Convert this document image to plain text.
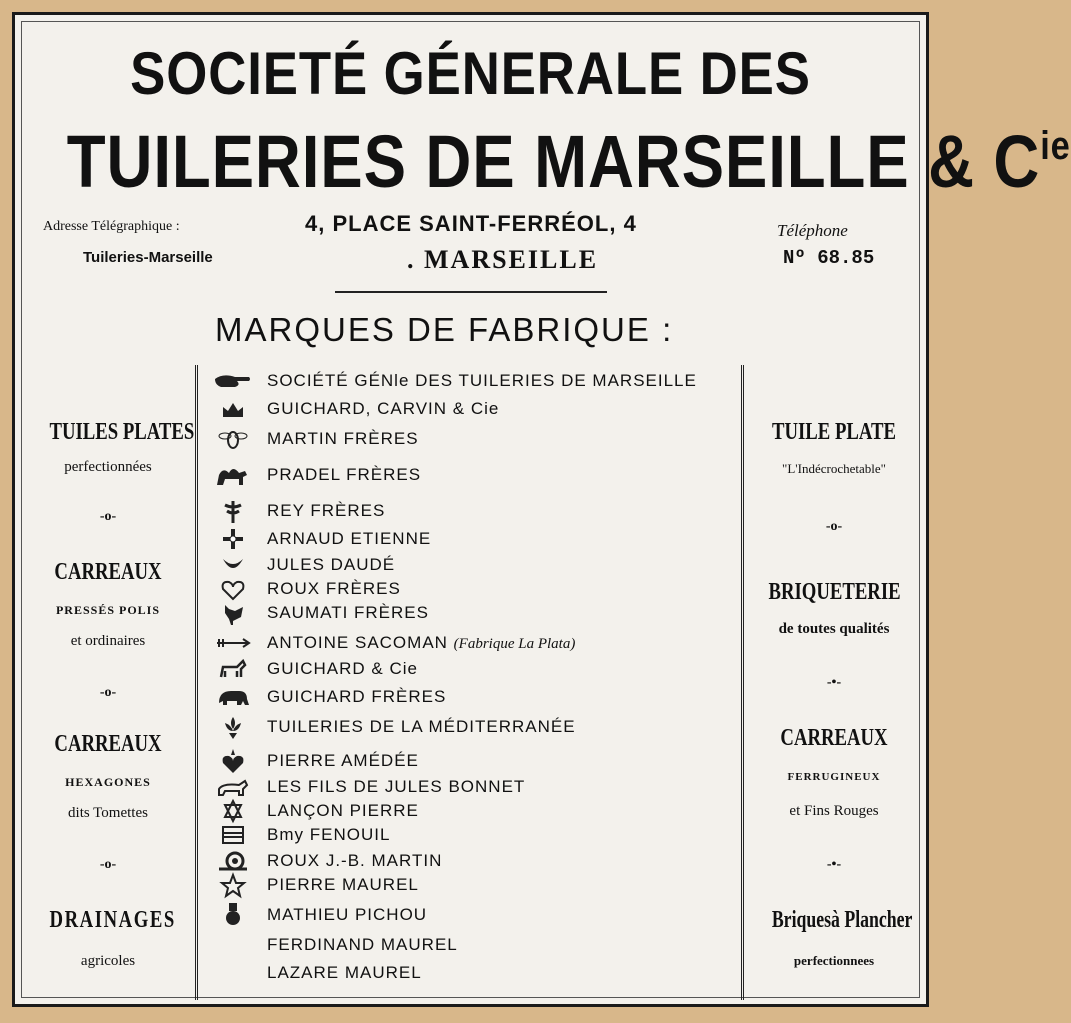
SOCIETÉ GÉNERALE DES
TUILERIES DE MARSEILLE & $C^{ie}$
Adresse Télégraphique :
Tuileries-Marseille
4, PLACE SAINT-FERRÉOL, 4
. MARSEILLE
Téléphone
Nº 68.85
MARQUES DE FABRIQUE :
TUILES PLATES
perfectionnées
-o-
CARREAUX
PRESSÉS POLIS
et ordinaires
-o-
CARREAUX
HEXAGONES
dits Tomettes
-o-
DRAINAGES
agricoles
TUILE PLATE
"L'Indécrochetable"
-o-
BRIQUETERIE
de toutes qualités
-•-
CARREAUX
FERRUGINEUX
et Fins Rouges
-•-
Briquesà Plancher
perfectionnees
SOCIÉTÉ GÉNle DES TUILERIES DE MARSEILLE
GUICHARD, CARVIN & Cie
MARTIN FRÈRES
PRADEL FRÈRES
REY FRÈRES
ARNAUD ETIENNE
JULES DAUDÉ
ROUX FRÈRES
SAUMATI FRÈRES
ANTOINE SACOMAN (Fabrique La Plata)
GUICHARD & Cie
GUICHARD FRÈRES
TUILERIES DE LA MÉDITERRANÉE
PIERRE AMÉDÉE
LES FILS DE JULES BONNET
LANÇON PIERRE
Bmy FENOUIL
ROUX J.-B. MARTIN
PIERRE MAUREL
MATHIEU PICHOU
FERDINAND MAUREL
LAZARE MAUREL
